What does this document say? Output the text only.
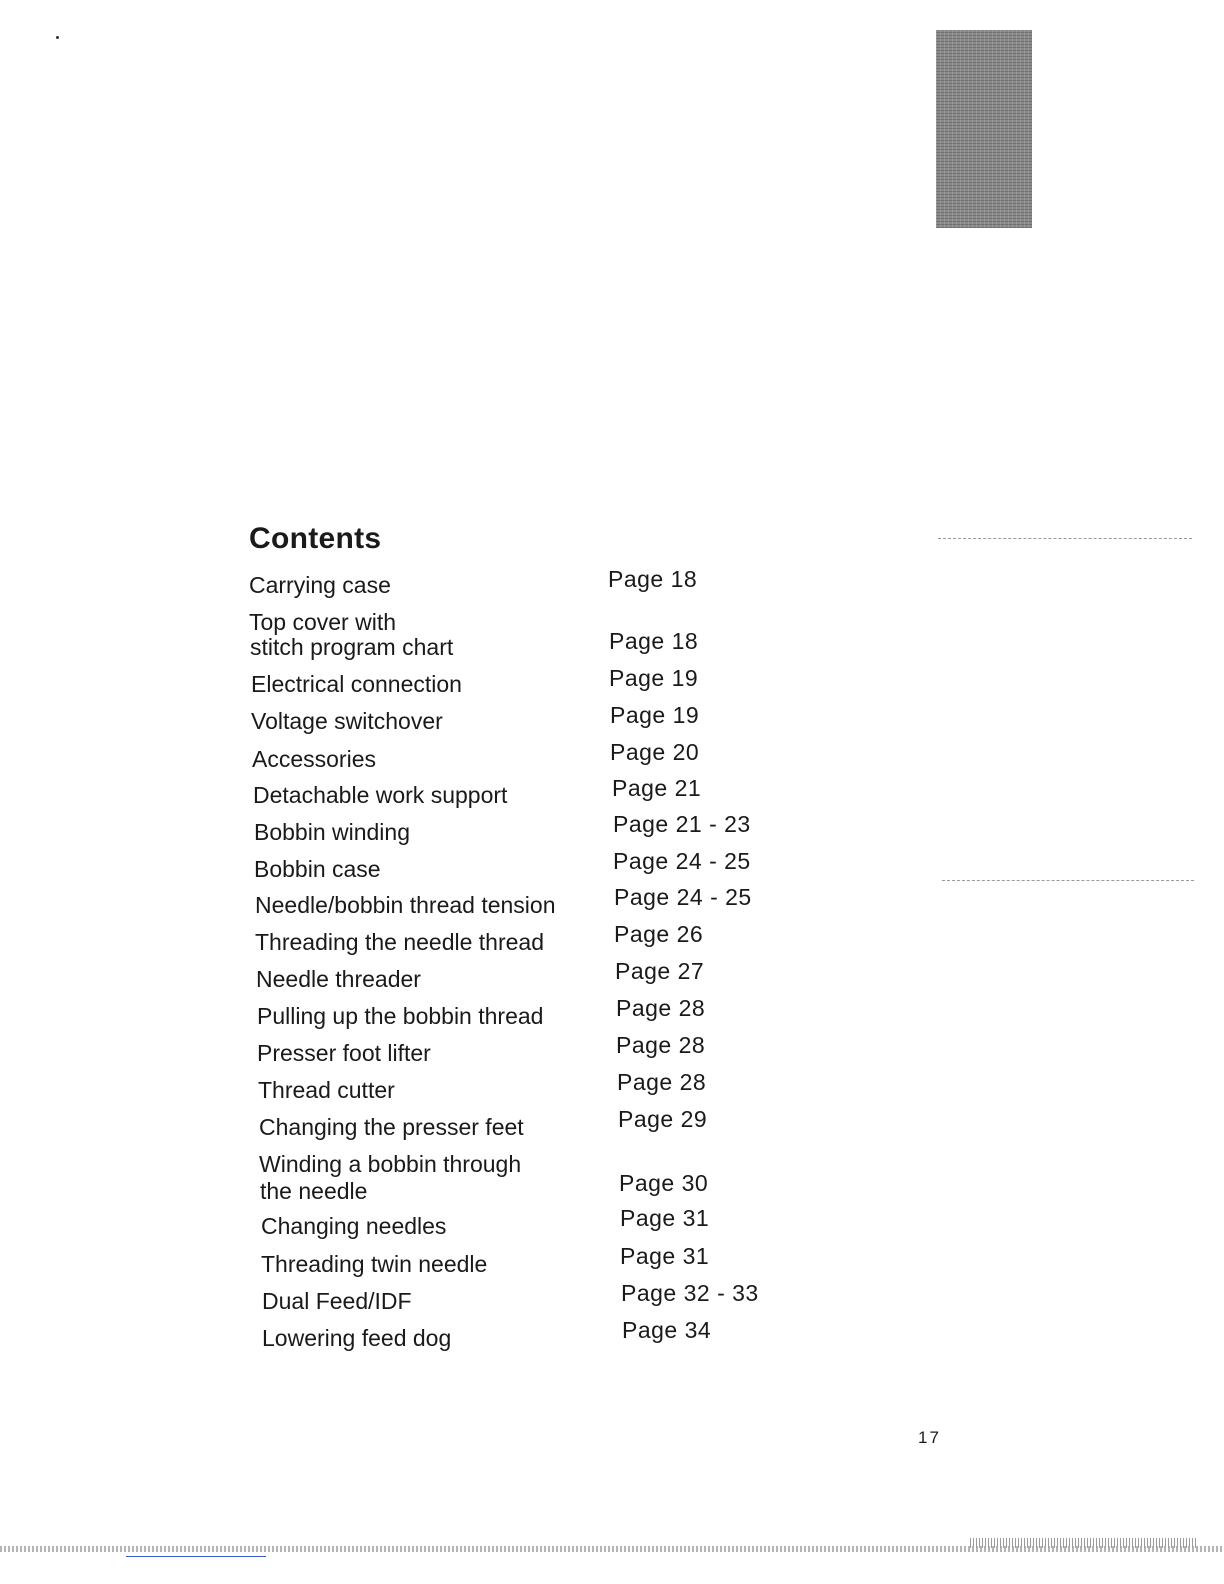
Contents
Carrying case	Page 18
Top cover with
stitch program chart	Page 18
Electrical connection	Page 19
Voltage switchover	Page 19
Accessories	Page 20
Detachable work support	Page 21
Bobbin winding	Page 21 - 23
Bobbin case	Page 24 - 25
Needle/bobbin thread tension	Page 24 - 25
Threading the needle thread	Page 26
Needle threader	Page 27
Pulling up the bobbin thread	Page 28
Presser foot lifter	Page 28
Thread cutter	Page 28
Changing the presser feet	Page 29
Winding a bobbin through
the needle	Page 30
Changing needles	Page 31
Threading twin needle	Page 31
Dual Feed/IDF	Page 32 - 33
Lowering feed dog	Page 34
17
